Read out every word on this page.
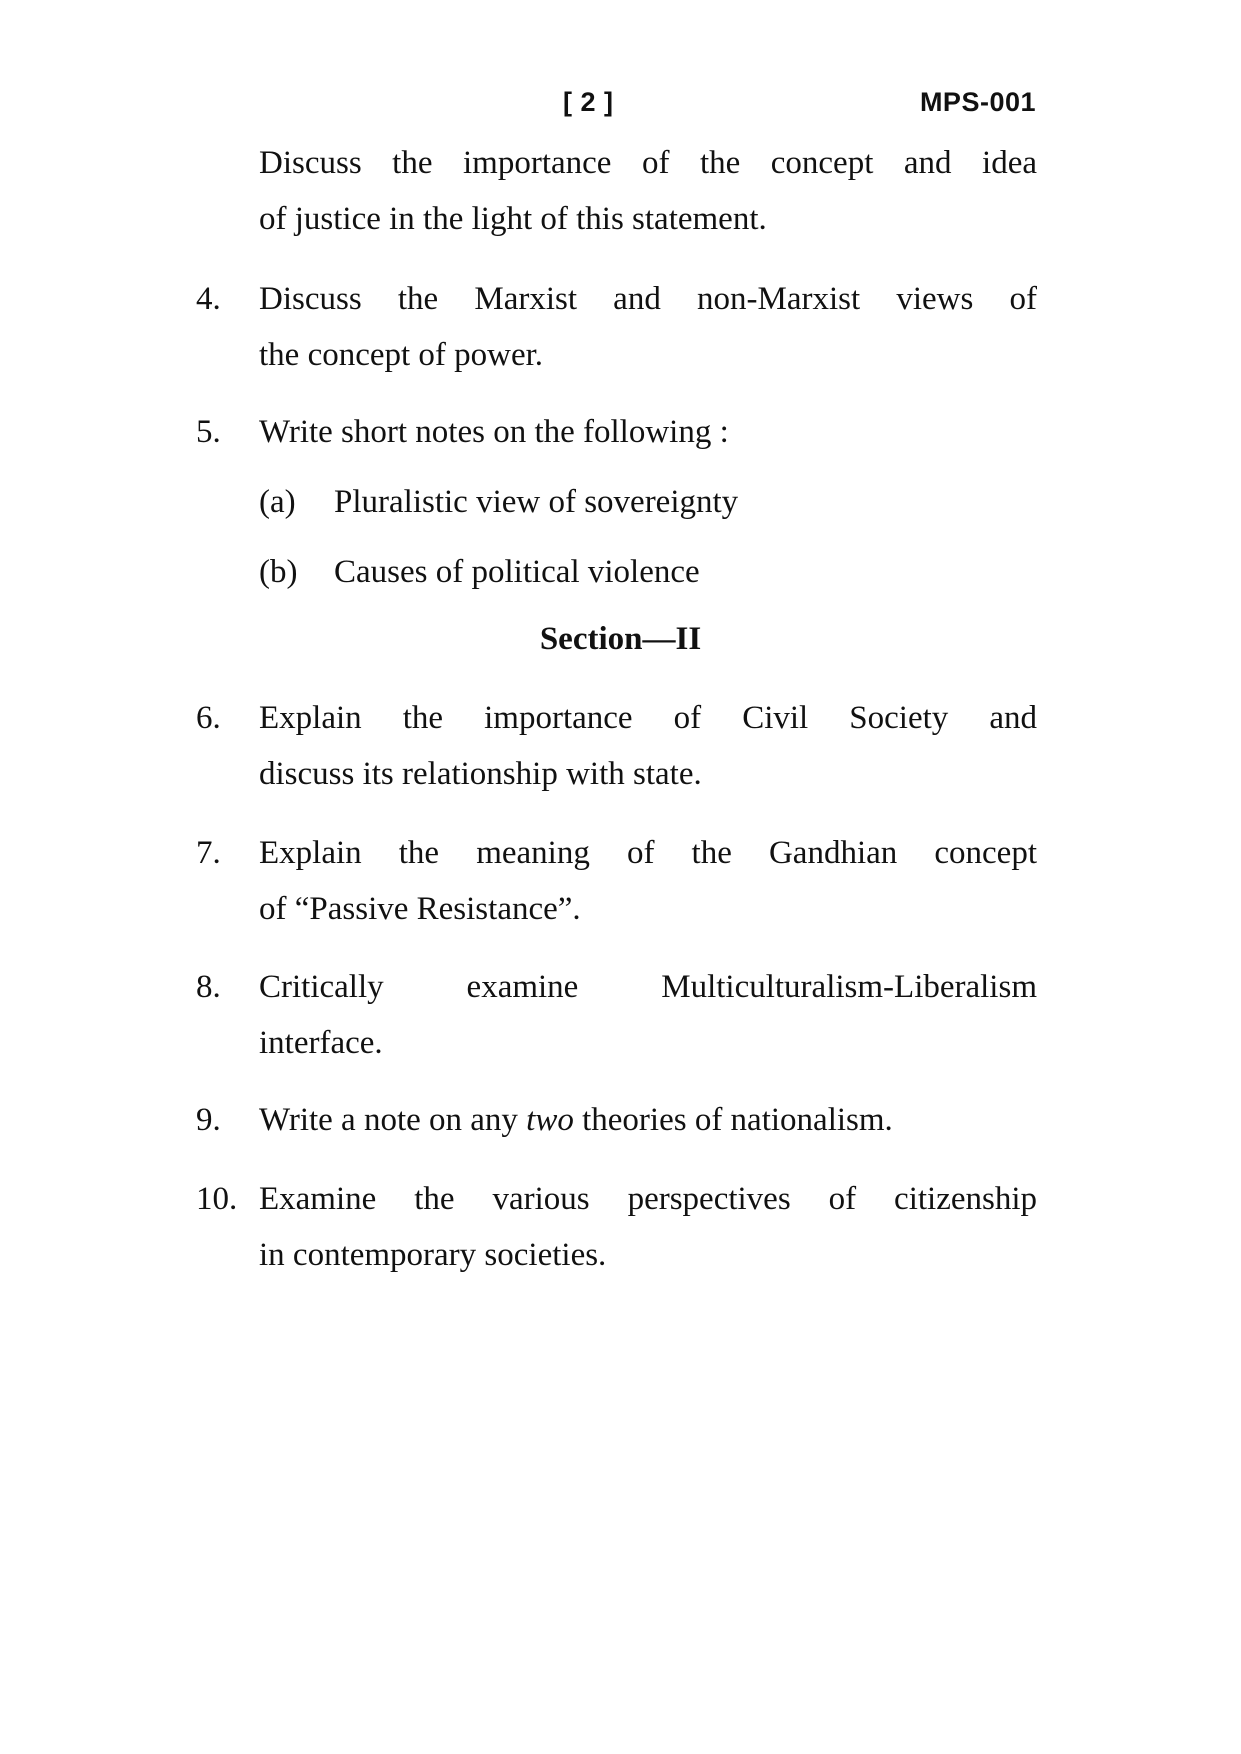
[ 2 ]	MPS-001
Discuss the importance of the concept and idea
of justice in the light of this statement.
4. Discuss the Marxist and non-Marxist views of
the concept of power.
5. Write short notes on the following :
(a) Pluralistic view of sovereignty
(b) Causes of political violence
Section—II
6. Explain the importance of Civil Society and
discuss its relationship with state.
7. Explain the meaning of the Gandhian concept
of “Passive Resistance”.
8. Critically examine Multiculturalism-Liberalism
interface.
9. Write a note on any two theories of nationalism.
10. Examine the various perspectives of citizenship
in contemporary societies.
